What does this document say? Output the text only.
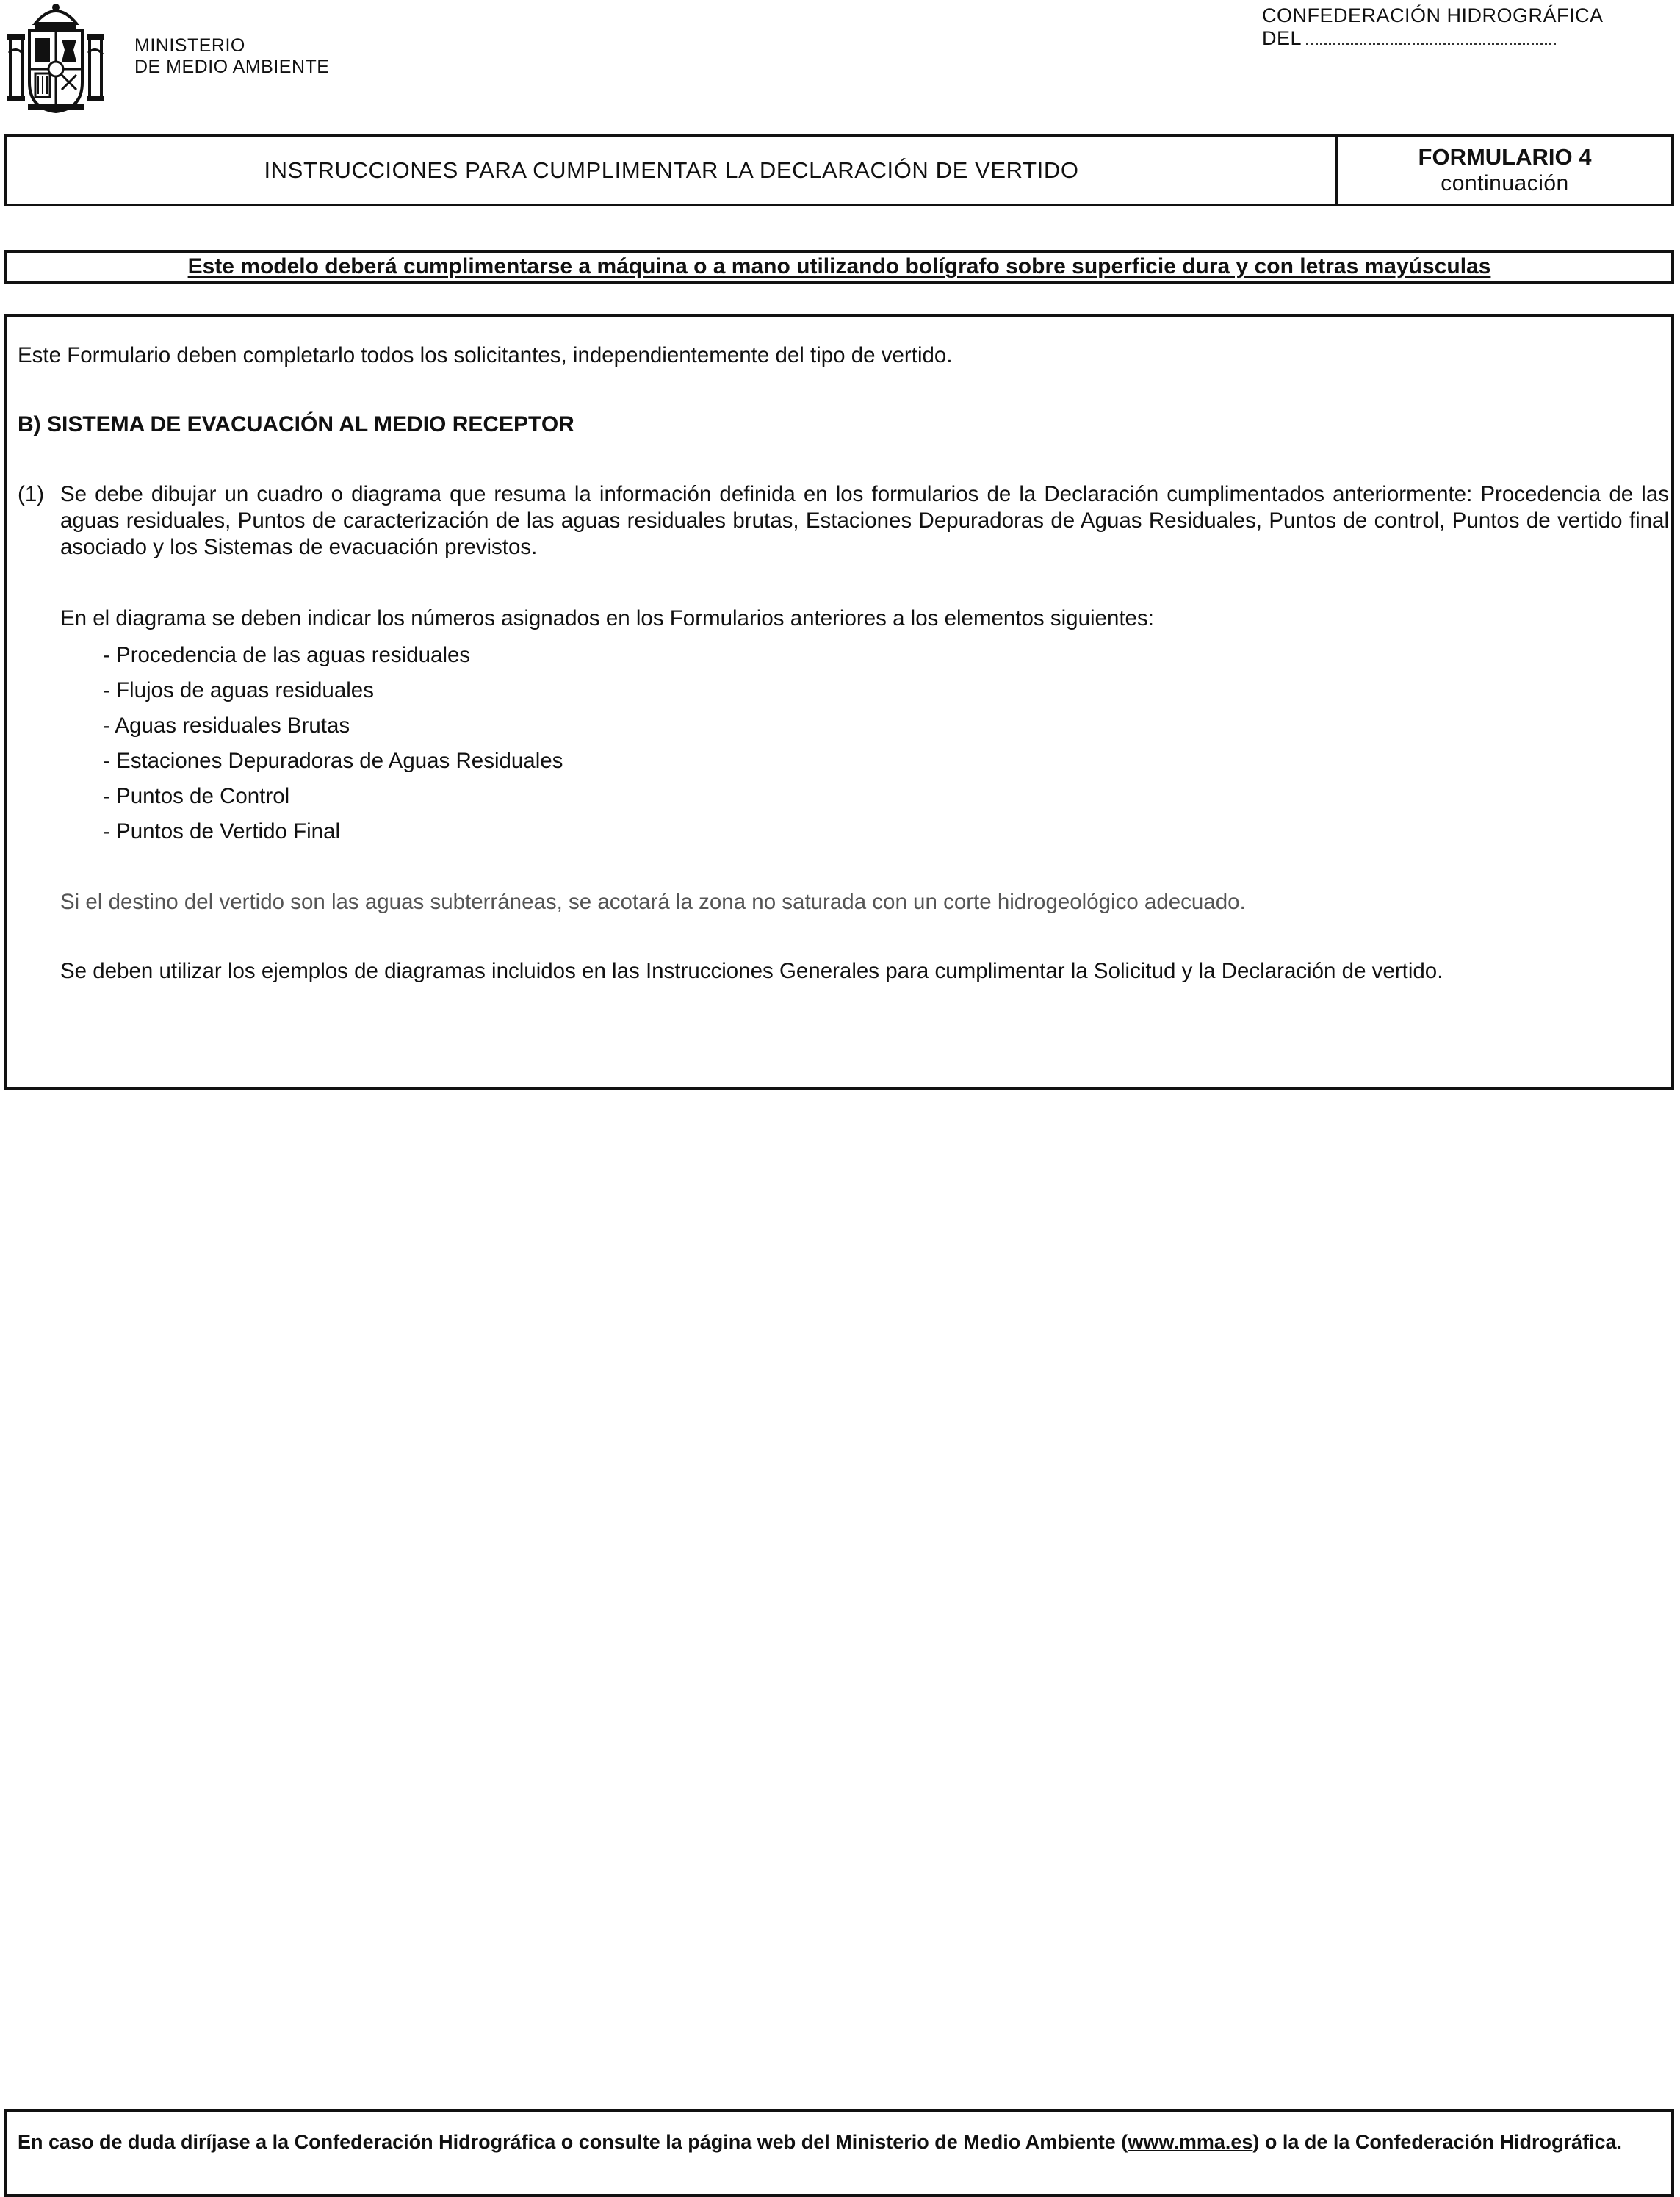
MINISTERIO
DE MEDIO AMBIENTE
CONFEDERACIÓN HIDROGRÁFICA
DEL
INSTRUCCIONES PARA CUMPLIMENTAR LA DECLARACIÓN DE VERTIDO
FORMULARIO 4
continuación
Este modelo deberá cumplimentarse a máquina o a mano utilizando bolígrafo sobre superficie dura y con letras mayúsculas
Este Formulario deben completarlo todos los solicitantes, independientemente del tipo de vertido.
B) SISTEMA DE EVACUACIÓN AL MEDIO RECEPTOR
(1) Se debe dibujar un cuadro o diagrama que resuma la información definida en los formularios de la Declaración cumplimentados anteriormente: Procedencia de las aguas residuales, Puntos de caracterización de las aguas residuales brutas, Estaciones Depuradoras de Aguas Residuales, Puntos de control, Puntos de vertido final asociado y los Sistemas de evacuación previstos.
En el diagrama se deben indicar los números asignados en los Formularios anteriores a los elementos siguientes:
- Procedencia de las aguas residuales
- Flujos de aguas residuales
- Aguas residuales Brutas
- Estaciones Depuradoras de Aguas Residuales
- Puntos de Control
- Puntos de Vertido Final
Si el destino del vertido son las aguas subterráneas, se acotará la zona no saturada con un corte hidrogeológico adecuado.
Se deben utilizar los ejemplos de diagramas incluidos en las Instrucciones Generales para cumplimentar la Solicitud y la Declaración de vertido.

En caso de duda diríjase a la Confederación Hidrográfica o consulte la página web del Ministerio de Medio Ambiente (www.mma.es) o la de la Confederación Hidrográfica.
